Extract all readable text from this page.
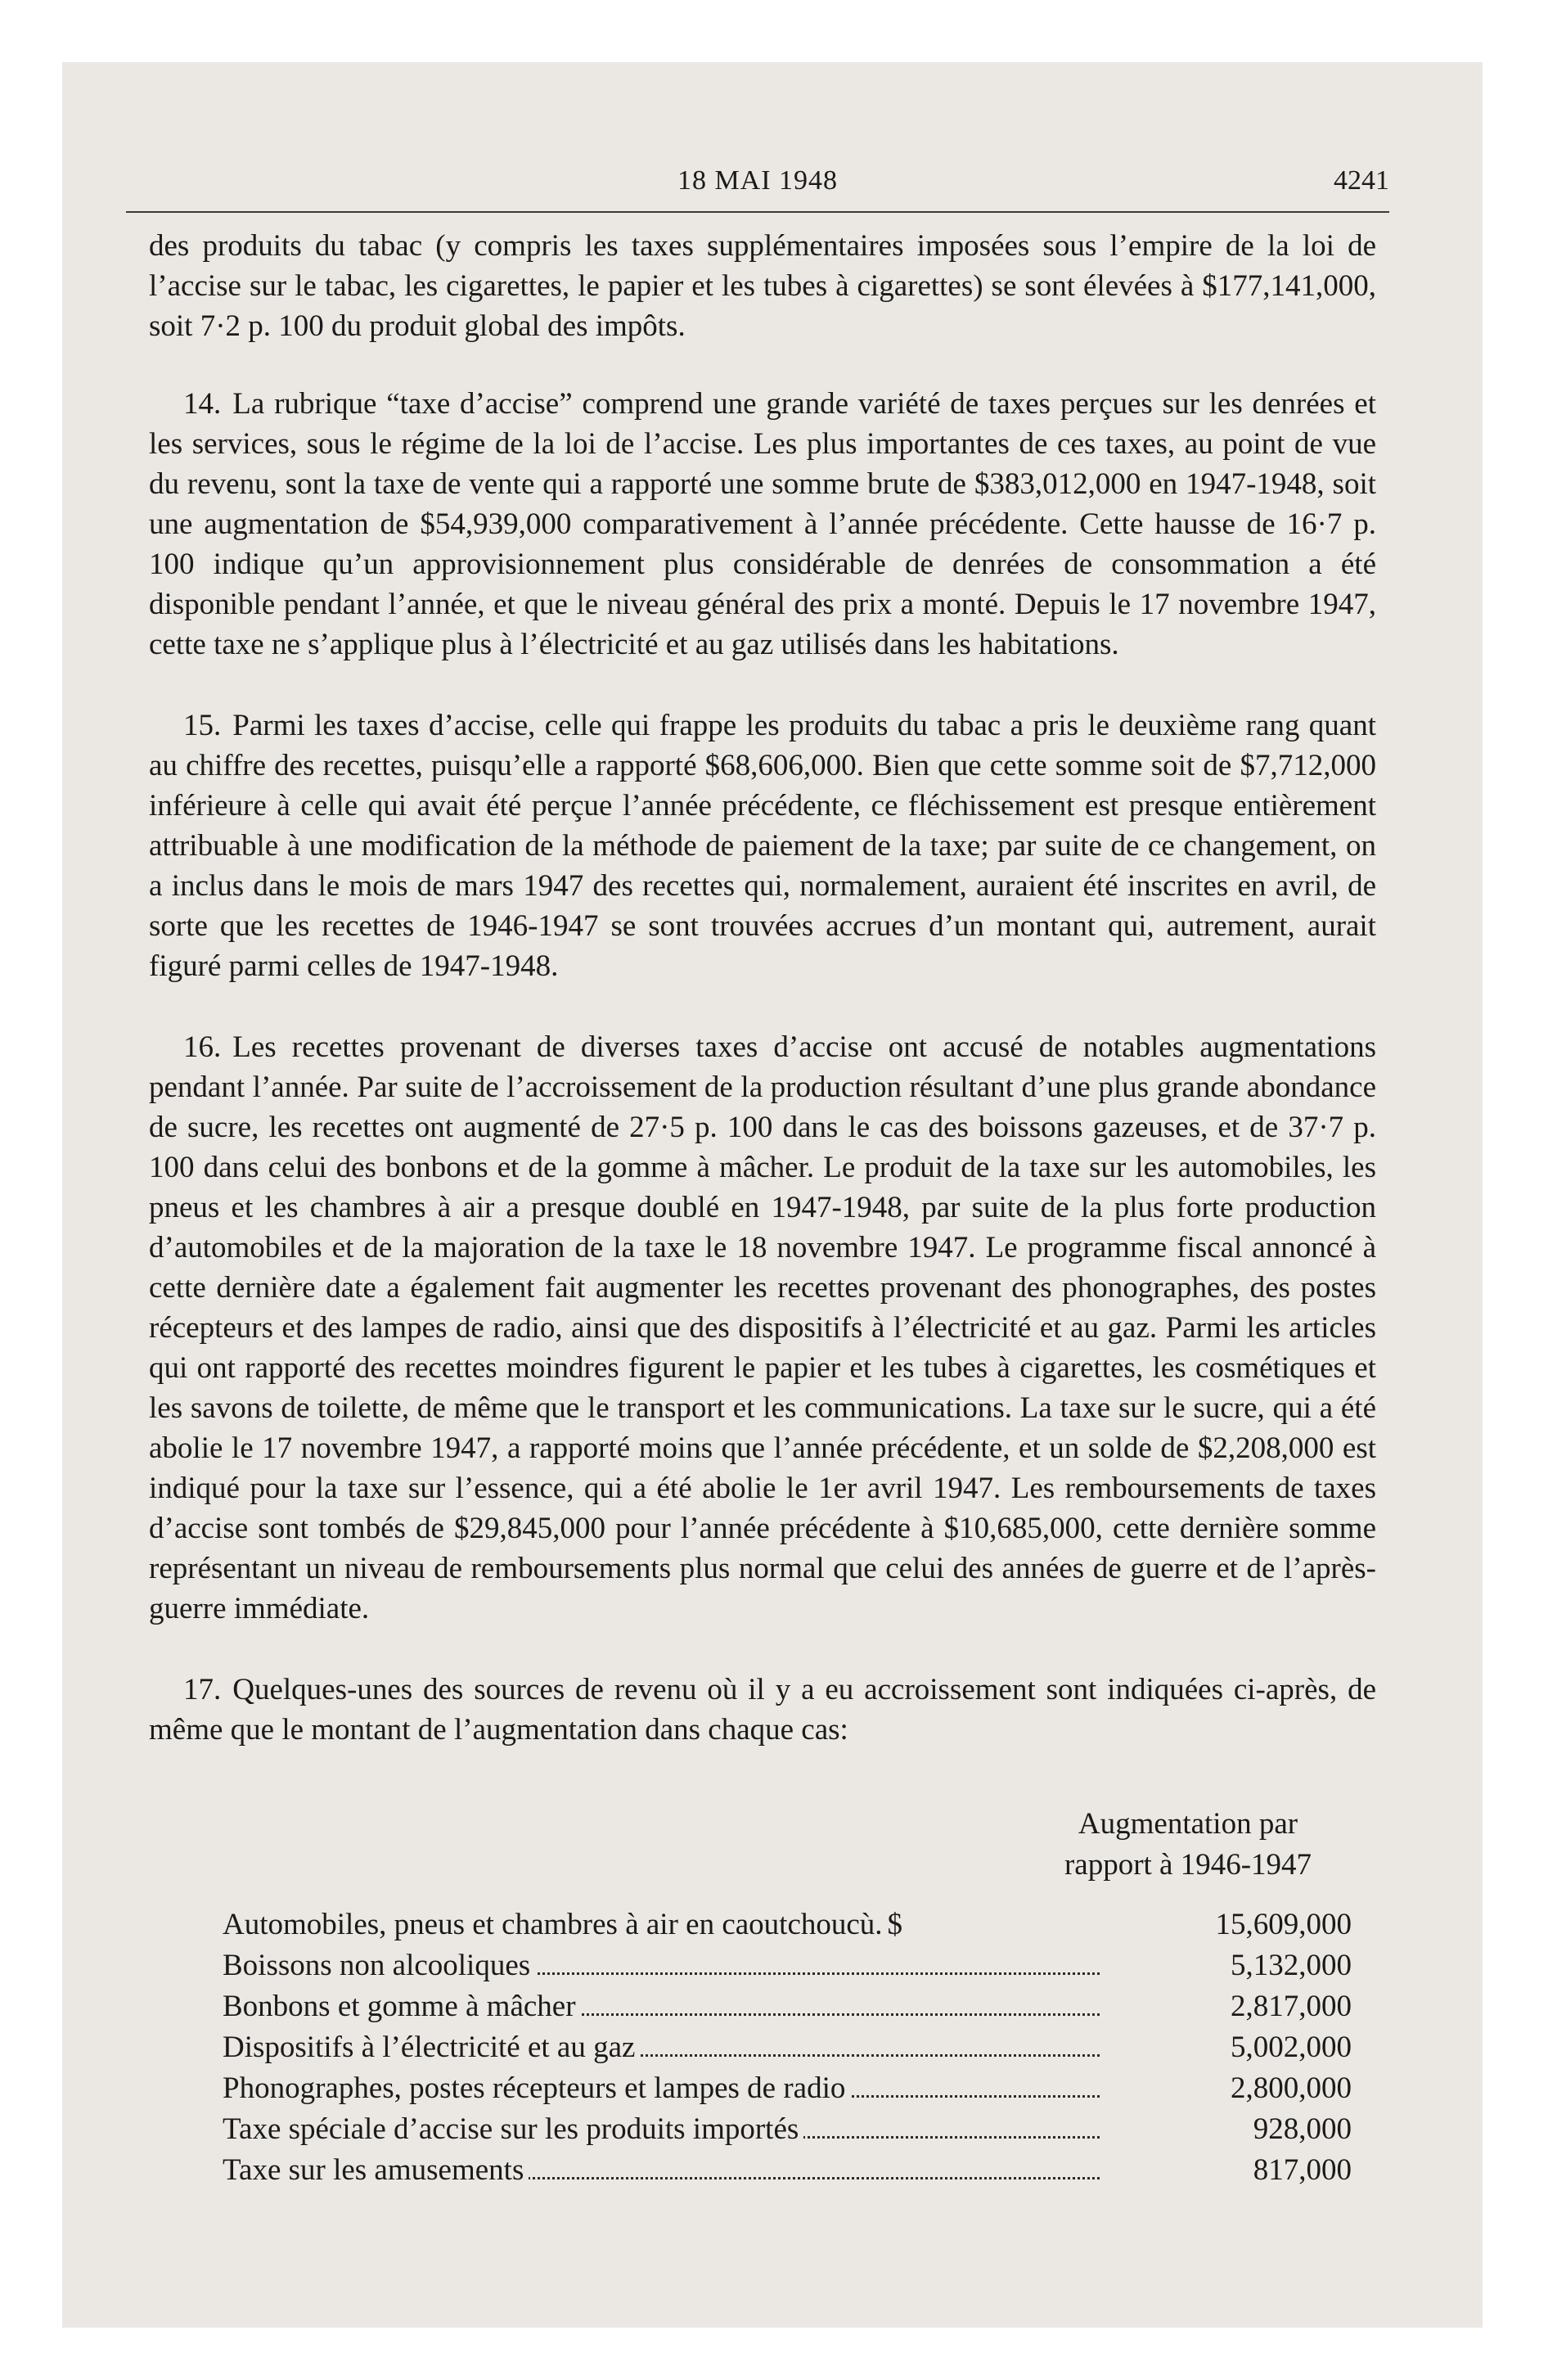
18 MAI 1948	4241

des produits du tabac (y compris les taxes supplémentaires imposées sous l’empire de la loi de l’accise sur le tabac, les cigarettes, le papier et les tubes à cigarettes) se sont élevées à $177,141,000, soit 7·2 p. 100 du produit global des impôts.

14. La rubrique “taxe d’accise” comprend une grande variété de taxes perçues sur les denrées et les services, sous le régime de la loi de l’accise. Les plus importantes de ces taxes, au point de vue du revenu, sont la taxe de vente qui a rapporté une somme brute de $383,012,000 en 1947-1948, soit une augmentation de $54,939,000 comparativement à l’année précédente. Cette hausse de 16·7 p. 100 indique qu’un approvisionnement plus considérable de denrées de consommation a été disponible pendant l’année, et que le niveau général des prix a monté. Depuis le 17 novembre 1947, cette taxe ne s’applique plus à l’électricité et au gaz utilisés dans les habitations.

15. Parmi les taxes d’accise, celle qui frappe les produits du tabac a pris le deuxième rang quant au chiffre des recettes, puisqu’elle a rapporté $68,606,000. Bien que cette somme soit de $7,712,000 inférieure à celle qui avait été perçue l’année précédente, ce fléchissement est presque entièrement attribuable à une modification de la méthode de paiement de la taxe; par suite de ce changement, on a inclus dans le mois de mars 1947 des recettes qui, normalement, auraient été inscrites en avril, de sorte que les recettes de 1946-1947 se sont trouvées accrues d’un montant qui, autrement, aurait figuré parmi celles de 1947-1948.

16. Les recettes provenant de diverses taxes d’accise ont accusé de notables augmentations pendant l’année. Par suite de l’accroissement de la production résultant d’une plus grande abondance de sucre, les recettes ont augmenté de 27·5 p. 100 dans le cas des boissons gazeuses, et de 37·7 p. 100 dans celui des bonbons et de la gomme à mâcher. Le produit de la taxe sur les automobiles, les pneus et les chambres à air a presque doublé en 1947-1948, par suite de la plus forte production d’automobiles et de la majoration de la taxe le 18 novembre 1947. Le programme fiscal annoncé à cette dernière date a également fait augmenter les recettes provenant des phonographes, des postes récepteurs et des lampes de radio, ainsi que des dispositifs à l’électricité et au gaz. Parmi les articles qui ont rapporté des recettes moindres figurent le papier et les tubes à cigarettes, les cosmétiques et les savons de toilette, de même que le transport et les communications. La taxe sur le sucre, qui a été abolie le 17 novembre 1947, a rapporté moins que l’année précédente, et un solde de $2,208,000 est indiqué pour la taxe sur l’essence, qui a été abolie le 1er avril 1947. Les remboursements de taxes d’accise sont tombés de $29,845,000 pour l’année précédente à $10,685,000, cette dernière somme représentant un niveau de remboursements plus normal que celui des années de guerre et de l’après-guerre immédiate.

17. Quelques-unes des sources de revenu où il y a eu accroissement sont indiquées ci-après, de même que le montant de l’augmentation dans chaque cas:

Augmentation par
rapport à 1946-1947
Automobiles, pneus et chambres à air en caoutchoucù. $	15,609,000
Boissons non alcooliques	5,132,000
Bonbons et gomme à mâcher	2,817,000
Dispositifs à l’électricité et au gaz	5,002,000
Phonographes, postes récepteurs et lampes de radio	2,800,000
Taxe spéciale d’accise sur les produits importés	928,000
Taxe sur les amusements	817,000
